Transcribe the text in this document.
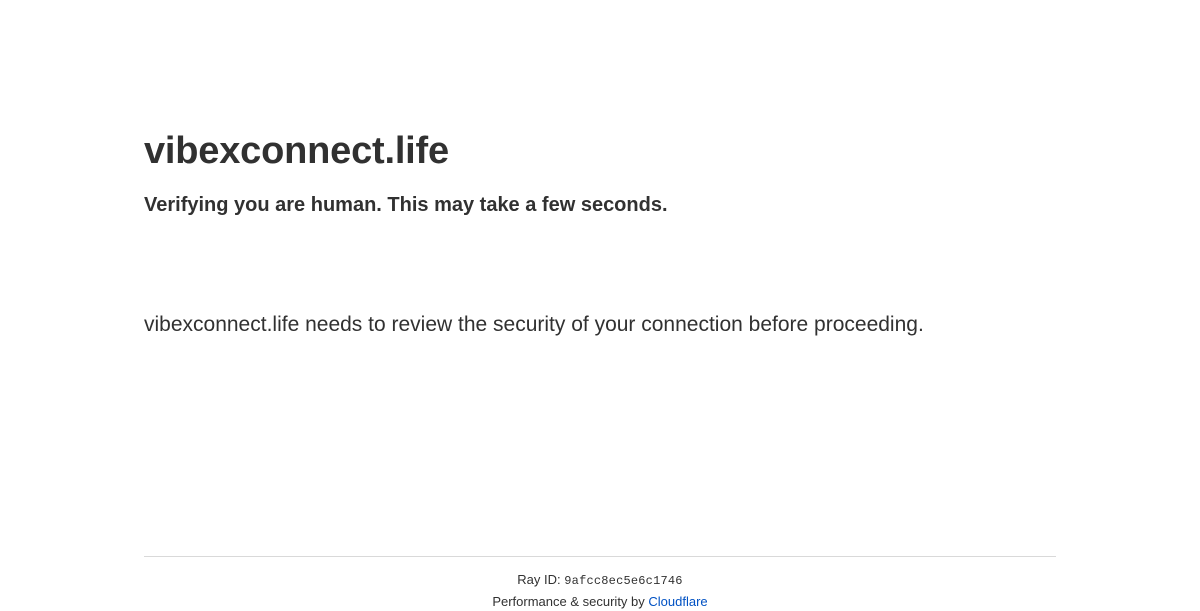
vibexconnect.life
Verifying you are human. This may take a few seconds.

vibexconnect.life needs to review the security of your connection before proceeding.

Ray ID: 9afcc8ec5e6c1746
Performance & security by Cloudflare
